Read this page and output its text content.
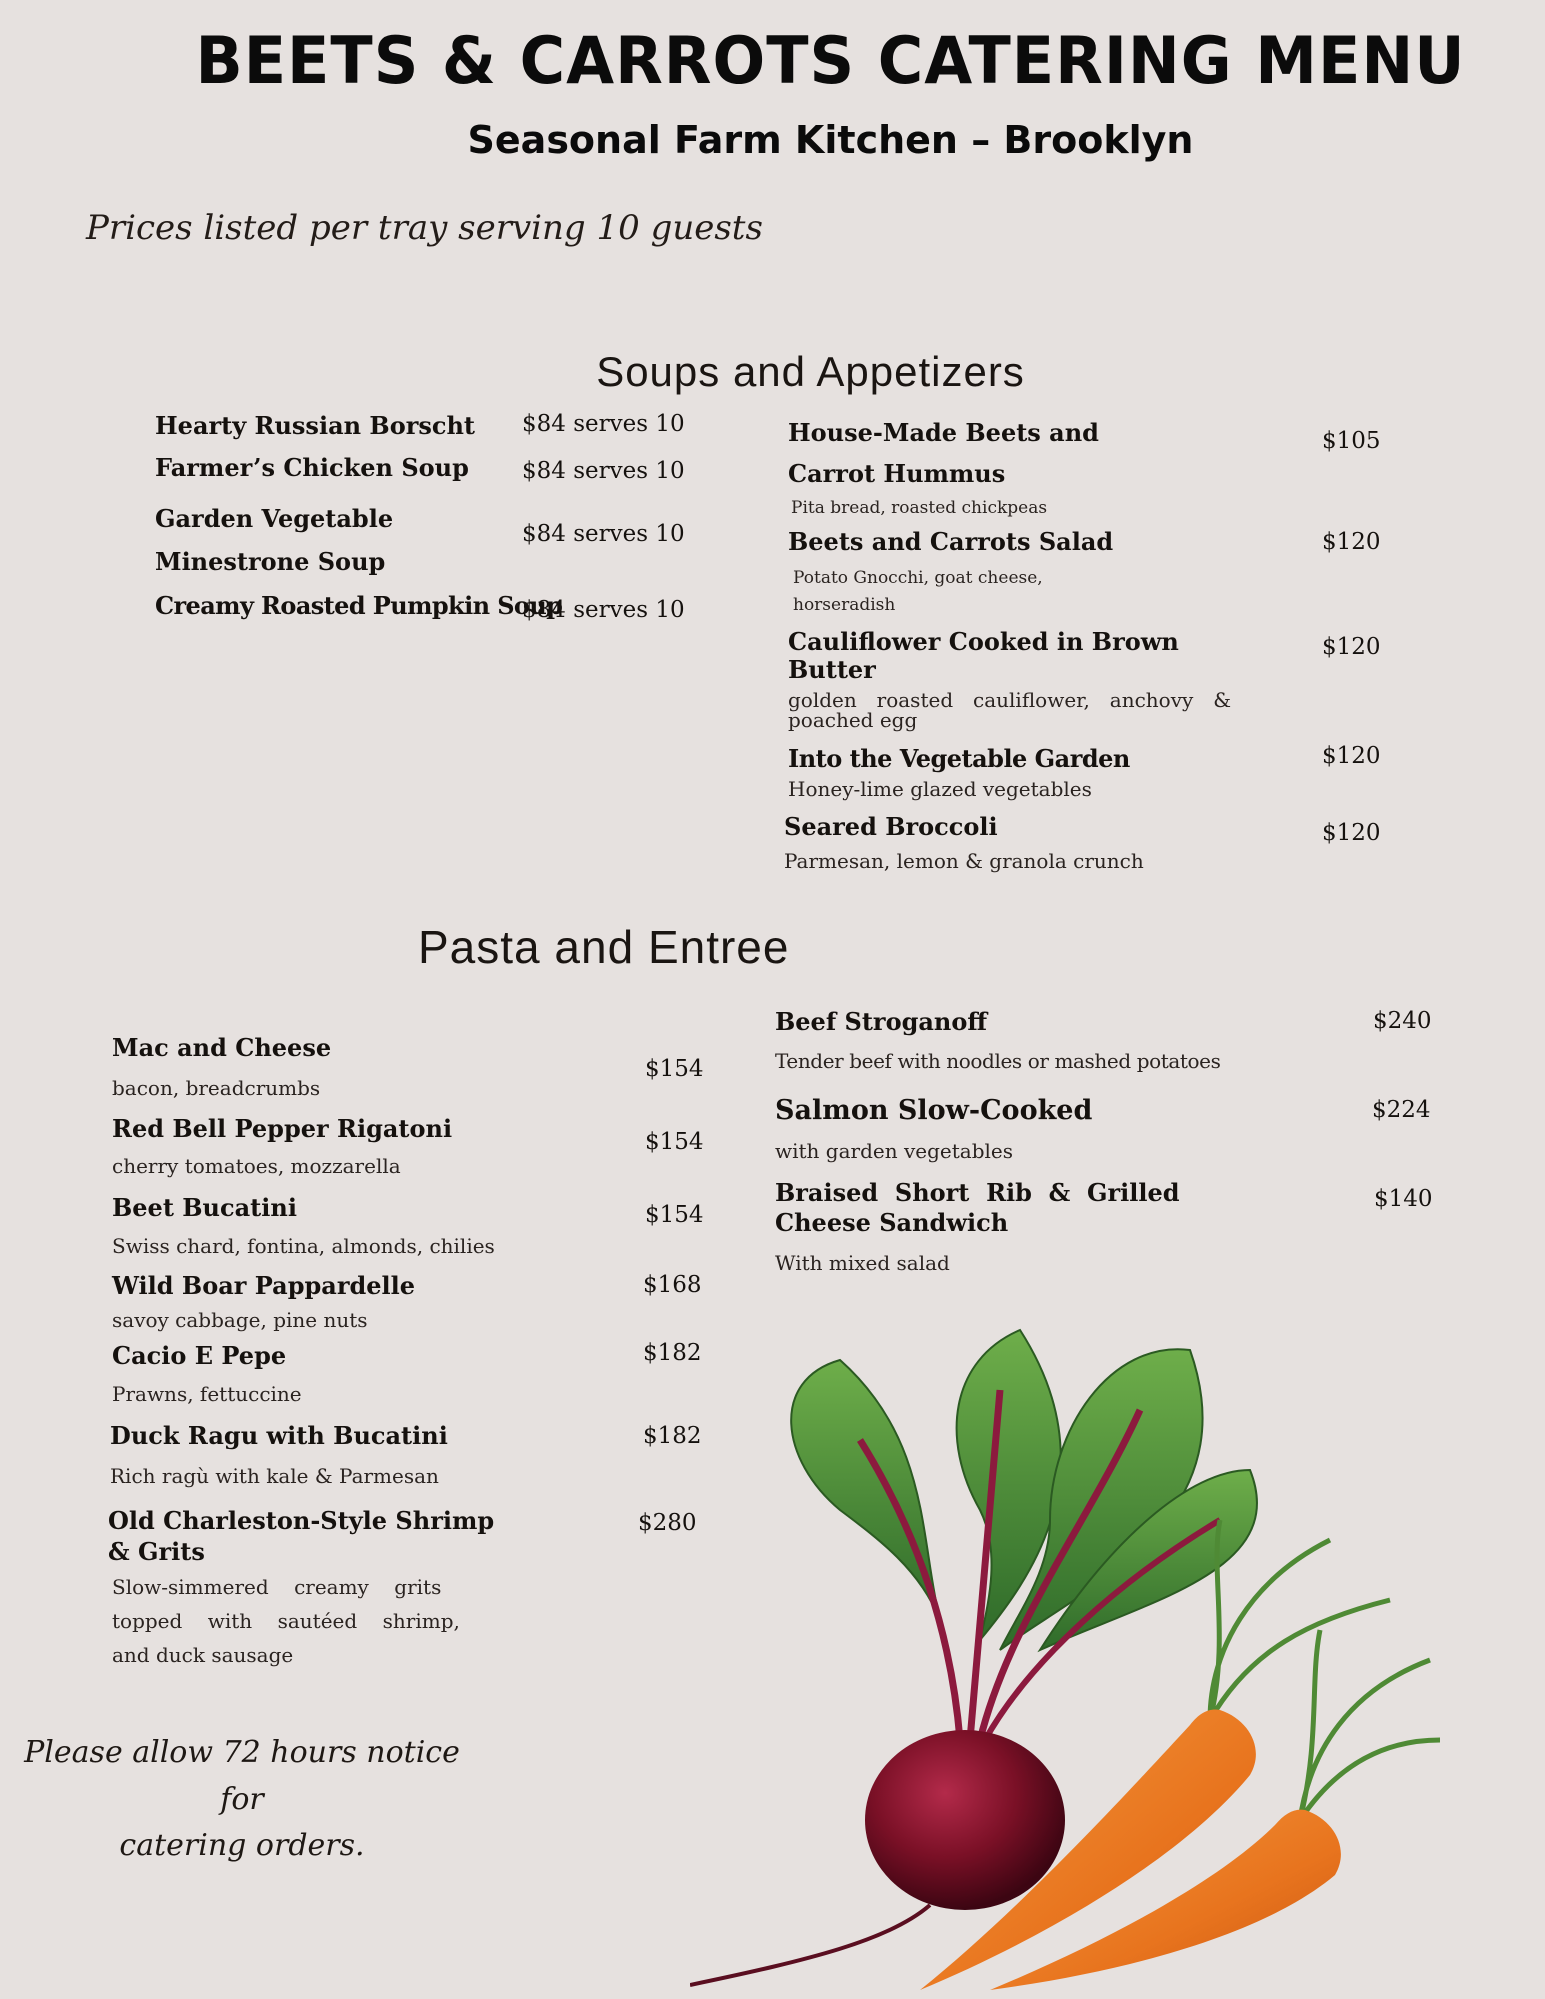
BEETS & CARROTS CATERING MENU
Seasonal Farm Kitchen – Brooklyn
Prices listed per tray serving 10 guests
Soups and Appetizers
Hearty Russian Borscht $84 serves 10
Farmer’s Chicken Soup $84 serves 10
Garden Vegetable
Minestrone Soup
$84 serves 10
Creamy Roasted Pumpkin Soup
$84 serves 10
House-Made Beets and
Carrot Hummus
Pita bread, roasted chickpeas
$105
Beets and Carrots Salad
Potato Gnocchi, goat cheese,
horseradish
$120
Cauliflower Cooked in Brown
Butter
golden roasted cauliflower, anchovy &
poached egg
$120
Into the Vegetable Garden
Honey-lime glazed vegetables
$120
Seared Broccoli
Parmesan, lemon & granola crunch
$120
Pasta and Entree
Mac and Cheese
bacon, breadcrumbs
$154
Red Bell Pepper Rigatoni
cherry tomatoes, mozzarella
$154
Beet Bucatini
Swiss chard, fontina, almonds, chilies
$154
Wild Boar Pappardelle
savoy cabbage, pine nuts
$168
Cacio E Pepe
Prawns, fettuccine
$182
Duck Ragu with Bucatini
Rich ragù with kale & Parmesan
$182
Old Charleston-Style Shrimp
& Grits
Slow-simmered    creamy    grits
topped    with    sautéed    shrimp,
and duck sausage
$280
Beef Stroganoff
Tender beef with noodles or mashed potatoes
$240
Salmon Slow-Cooked
with garden vegetables
$224
Braised  Short  Rib  &  Grilled
Cheese Sandwich
With mixed salad
$140
Please allow 72 hours notice for
catering orders.
